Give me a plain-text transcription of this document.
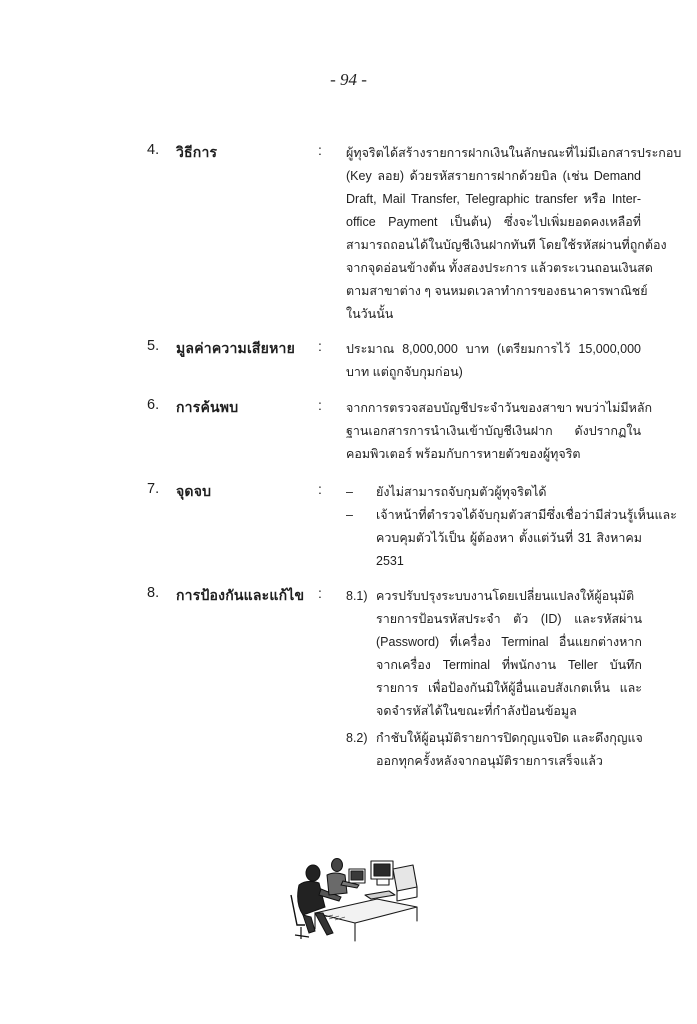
- 94 -
4. วิธีการ	: ผู้ทุจริตได้สร้างรายการฝากเงินในลักษณะที่ไม่มีเอกสารประกอบ
(Key ลอย) ด้วยรหัสรายการฝากด้วยบิล (เช่น Demand
Draft, Mail Transfer, Telegraphic transfer หรือ Inter-
office Payment เป็นต้น) ซึ่งจะไปเพิ่มยอดคงเหลือที่
สามารถถอนได้ในบัญชีเงินฝากทันที โดยใช้รหัสผ่านที่ถูกต้อง
จากจุดอ่อนข้างต้น ทั้งสองประการ แล้วตระเวนถอนเงินสด
ตามสาขาต่าง ๆ จนหมดเวลาทำการของธนาคารพาณิชย์
ในวันนั้น
5. มูลค่าความเสียหาย : ประมาณ 8,000,000 บาท (เตรียมการไว้ 15,000,000
บาท แต่ถูกจับกุมก่อน)
6. การค้นพบ	: จากการตรวจสอบบัญชีประจำวันของสาขา พบว่าไม่มีหลัก
ฐานเอกสารการนำเงินเข้าบัญชีเงินฝาก ดังปรากฏใน
คอมพิวเตอร์ พร้อมกับการหายตัวของผู้ทุจริต
7. จุดจบ	: –	ยังไม่สามารถจับกุมตัวผู้ทุจริตได้
–	เจ้าหน้าที่ตำรวจได้จับกุมตัวสามีซึ่งเชื่อว่ามีส่วนรู้เห็นและ
ควบคุมตัวไว้เป็น ผู้ต้องหา ตั้งแต่วันที่ 31 สิงหาคม
2531
8. การป้องกันและแก้ไข : 8.1) ควรปรับปรุงระบบงานโดยเปลี่ยนแปลงให้ผู้อนุมัติ
รายการป้อนรหัสประจำ ตัว (ID) และรหัสผ่าน
(Password) ที่เครื่อง Terminal อื่นแยกต่างหาก
จากเครื่อง Terminal ที่พนักงาน Teller บันทึก
รายการ เพื่อป้องกันมิให้ผู้อื่นแอบสังเกตเห็น และ
จดจำรหัสได้ในขณะที่กำลังป้อนข้อมูล
8.2) กำชับให้ผู้อนุมัติรายการปิดกุญแจปิด และดึงกุญแจ
ออกทุกครั้งหลังจากอนุมัติรายการเสร็จแล้ว
